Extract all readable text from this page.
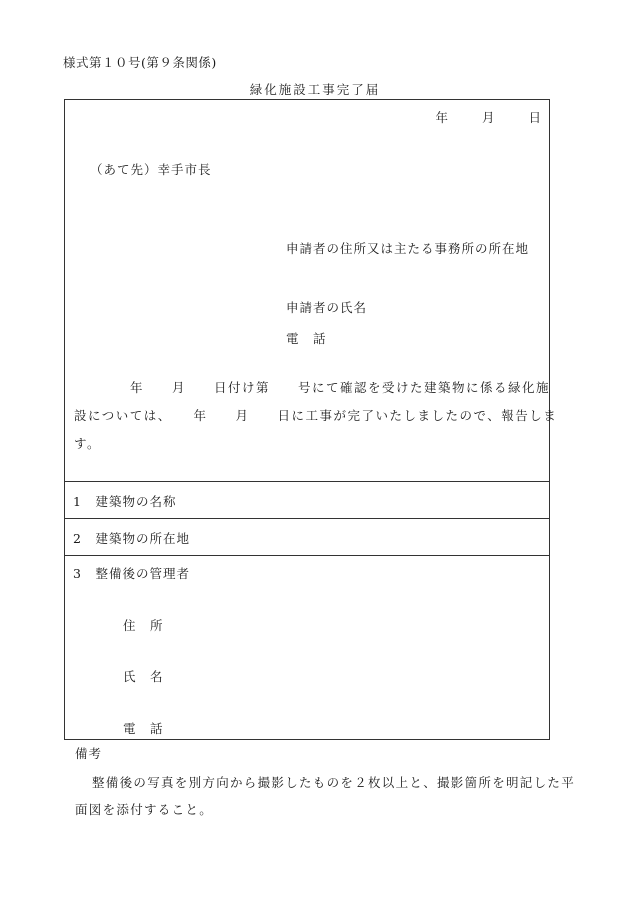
様式第１０号(第９条関係)
緑化施設工事完了届
年	月	日
（あて先）幸手市長
申請者の住所又は主たる事務所の所在地
申請者の氏名
電　話
　　　　年　　月　　日付け第　　号にて確認を受けた建築物に係る緑化施
設については、　　年　　月　　日に工事が完了いたしましたので、報告しま
す。
1　建築物の名称
2　建築物の所在地
3　整備後の管理者
住　所
氏　名
電　話
備考
整備後の写真を別方向から撮影したものを２枚以上と、撮影箇所を明記した平
面図を添付すること。
